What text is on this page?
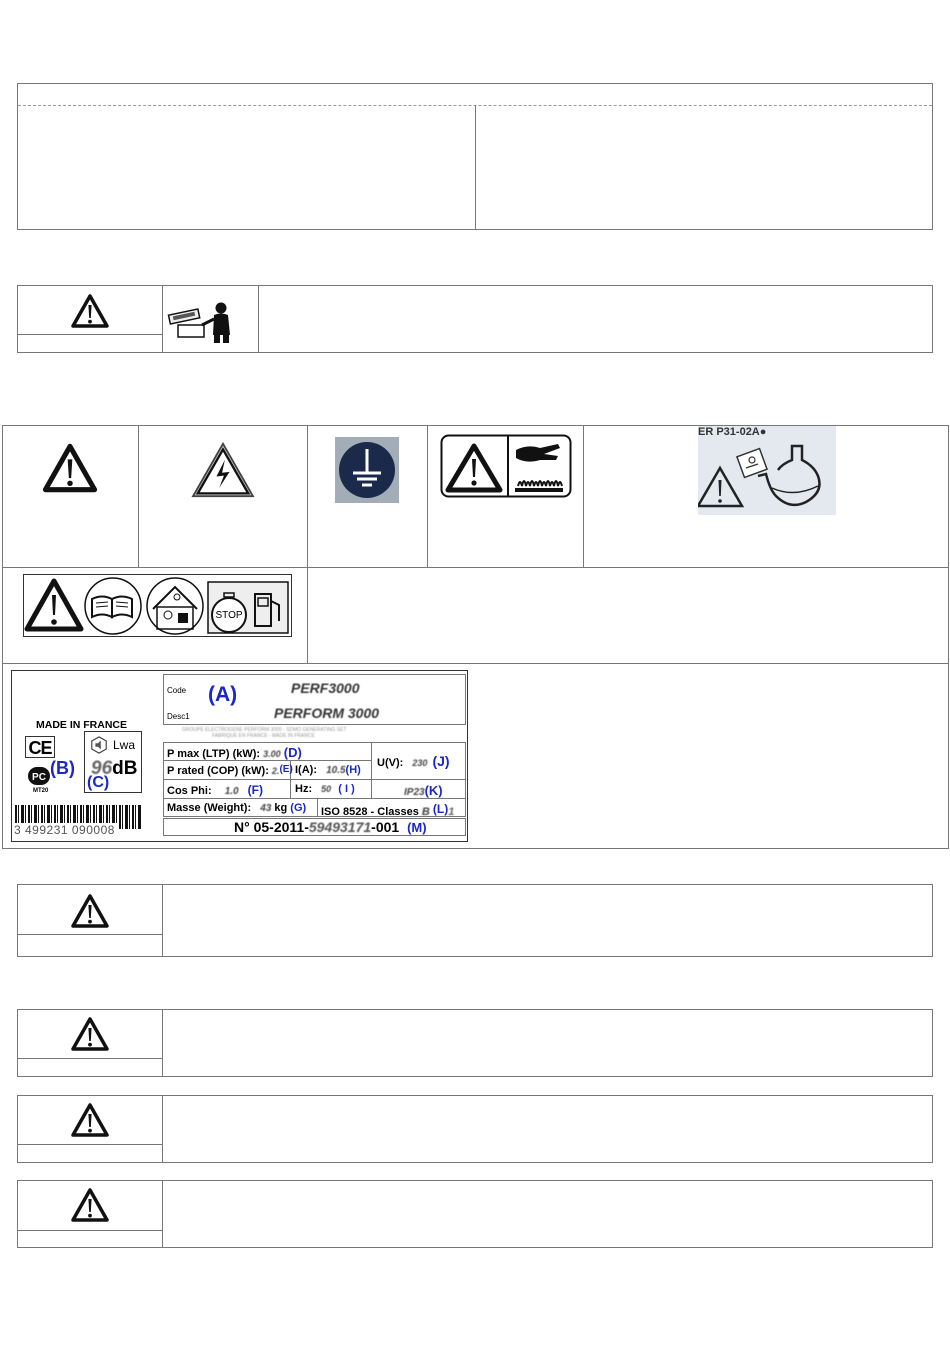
ER P31-02A●
STOP
MADE IN FRANCE
CE
(B)
PC
MT20
Lwa
96dB
(C)
3 499231 090008
Code (A)	PERF3000
Desc1	PERFORM 3000
GROUPE ELECTROGENE PERFORM 3000 - SDMO GENERATING SET
FABRIQUE EN FRANCE - MADE IN FRANCE
P max (LTP) (kW): 3.00 (D)
P rated (COP) (kW): 2.(E) I(A): 10.5(H)
U(V): 230 (J)
Cos Phi: 1.0 (F)	Hz: 50 ( I )	IP23(K)
Masse (Weight): 43 kg (G) ISO 8528 - Classes B (L)1
N° 05-2011-59493171-001 (M)
